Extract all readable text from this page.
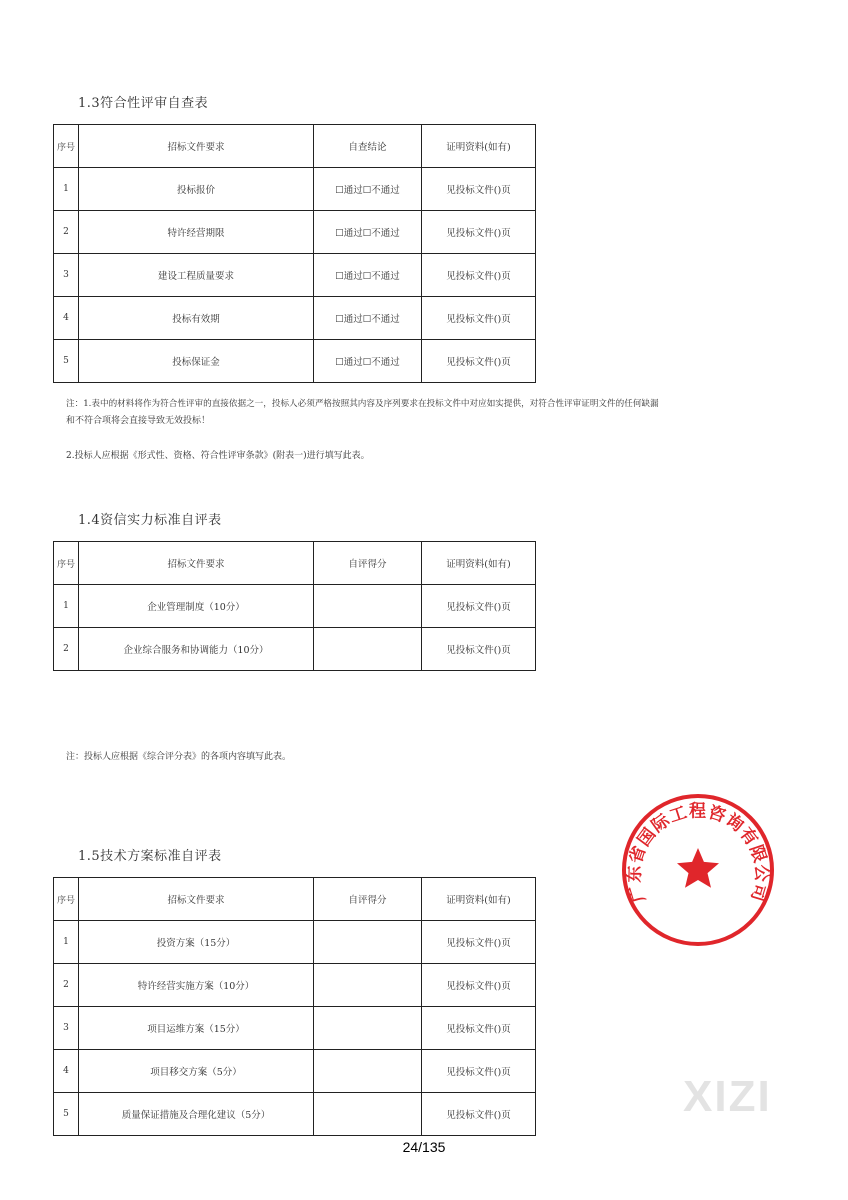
1.3符合性评审自查表
序号	招标文件要求	自查结论	证明资料(如有)
1	投标报价	☐通过☐不通过	见投标文件()页
2	特许经营期限	☐通过☐不通过	见投标文件()页
3	建设工程质量要求	☐通过☐不通过	见投标文件()页
4	投标有效期	☐通过☐不通过	见投标文件()页
5	投标保证金	☐通过☐不通过	见投标文件()页
注：1.表中的材料将作为符合性评审的直接依据之一，投标人必须严格按照其内容及序列要求在投标文件中对应如实提供，对符合性评审证明文件的任何缺漏
和不符合项将会直接导致无效投标！
2.投标人应根据《形式性、资格、符合性评审条款》(附表一)进行填写此表。
1.4资信实力标准自评表
序号	招标文件要求	自评得分	证明资料(如有)
1	企业管理制度（10分）		见投标文件()页
2	企业综合服务和协调能力（10分）		见投标文件()页
注：投标人应根据《综合评分表》的各项内容填写此表。
1.5技术方案标准自评表
序号	招标文件要求	自评得分	证明资料(如有)
1	投资方案（15分）		见投标文件()页
2	特许经营实施方案（10分）		见投标文件()页
3	项目运维方案（15分）		见投标文件()页
4	项目移交方案（5分）		见投标文件()页
5	质量保证措施及合理化建议（5分）		见投标文件()页
广东省国际工程咨询有限公司
XIZI
24/135
